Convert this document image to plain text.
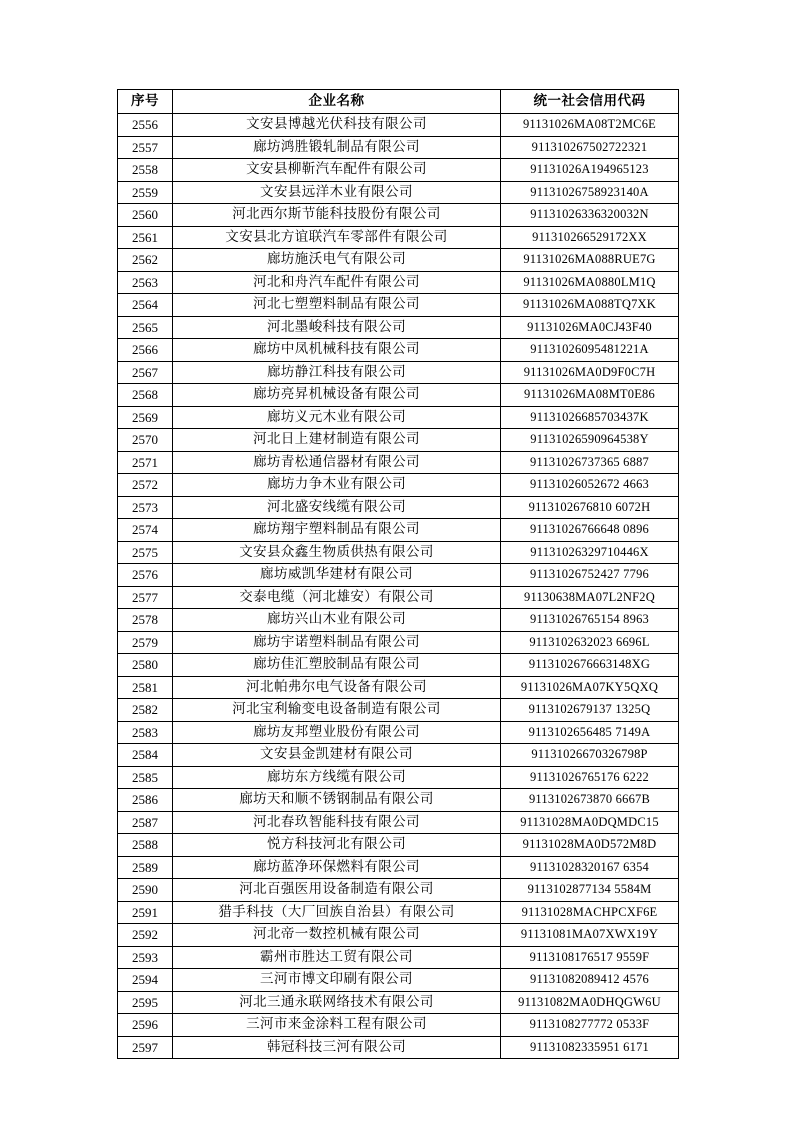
序号	企业名称	统一社会信用代码
2556	文安县博越光伏科技有限公司	91131026MA08T2MC6E
2557	廊坊鸿胜锻轧制品有限公司	911310267502722321
2558	文安县柳靳汽车配件有限公司	91131026A194965123
2559	文安县远洋木业有限公司	91131026758923140A
2560	河北西尔斯节能科技股份有限公司	91131026336320032N
2561	文安县北方谊联汽车零部件有限公司	911310266529172XX
2562	廊坊施沃电气有限公司	91131026MA088RUE7G
2563	河北和舟汽车配件有限公司	91131026MA0880LM1Q
2564	河北七塑塑料制品有限公司	91131026MA088TQ7XK
2565	河北墨峻科技有限公司	91131026MA0CJ43F40
2566	廊坊中凤机械科技有限公司	91131026095481221A
2567	廊坊静江科技有限公司	91131026MA0D9F0C7H
2568	廊坊亮昇机械设备有限公司	91131026MA08MT0E86
2569	廊坊义元木业有限公司	91131026685703437K
2570	河北日上建材制造有限公司	91131026590964538Y
2571	廊坊青松通信器材有限公司	91131026737365 6887
2572	廊坊力争木业有限公司	91131026052672 4663
2573	河北盛安线缆有限公司	9113102676810 6072H
2574	廊坊翔宇塑料制品有限公司	91131026766648 0896
2575	文安县众鑫生物质供热有限公司	91131026329710446X
2576	廊坊威凯华建材有限公司	91131026752427 7796
2577	交泰电缆（河北雄安）有限公司	91130638MA07L2NF2Q
2578	廊坊兴山木业有限公司	91131026765154 8963
2579	廊坊宇诺塑料制品有限公司	9113102632023 6696L
2580	廊坊佳汇塑胶制品有限公司	9113102676663148XG
2581	河北帕弗尔电气设备有限公司	91131026MA07KY5QXQ
2582	河北宝利输变电设备制造有限公司	9113102679137 1325Q
2583	廊坊友邦塑业股份有限公司	9113102656485 7149A
2584	文安县金凯建材有限公司	91131026670326798P
2585	廊坊东方线缆有限公司	91131026765176 6222
2586	廊坊天和顺不锈钢制品有限公司	9113102673870 6667B
2587	河北春玖智能科技有限公司	91131028MA0DQMDC15
2588	悦方科技河北有限公司	91131028MA0D572M8D
2589	廊坊蓝净环保燃料有限公司	91131028320167 6354
2590	河北百强医用设备制造有限公司	9113102877134 5584M
2591	猎手科技（大厂回族自治县）有限公司	91131028MACHPCXF6E
2592	河北帝一数控机械有限公司	91131081MA07XWX19Y
2593	霸州市胜达工贸有限公司	9113108176517 9559F
2594	三河市博文印刷有限公司	91131082089412 4576
2595	河北三通永联网络技术有限公司	91131082MA0DHQGW6U
2596	三河市来金涂料工程有限公司	9113108277772 0533F
2597	韩冠科技三河有限公司	91131082335951 6171
